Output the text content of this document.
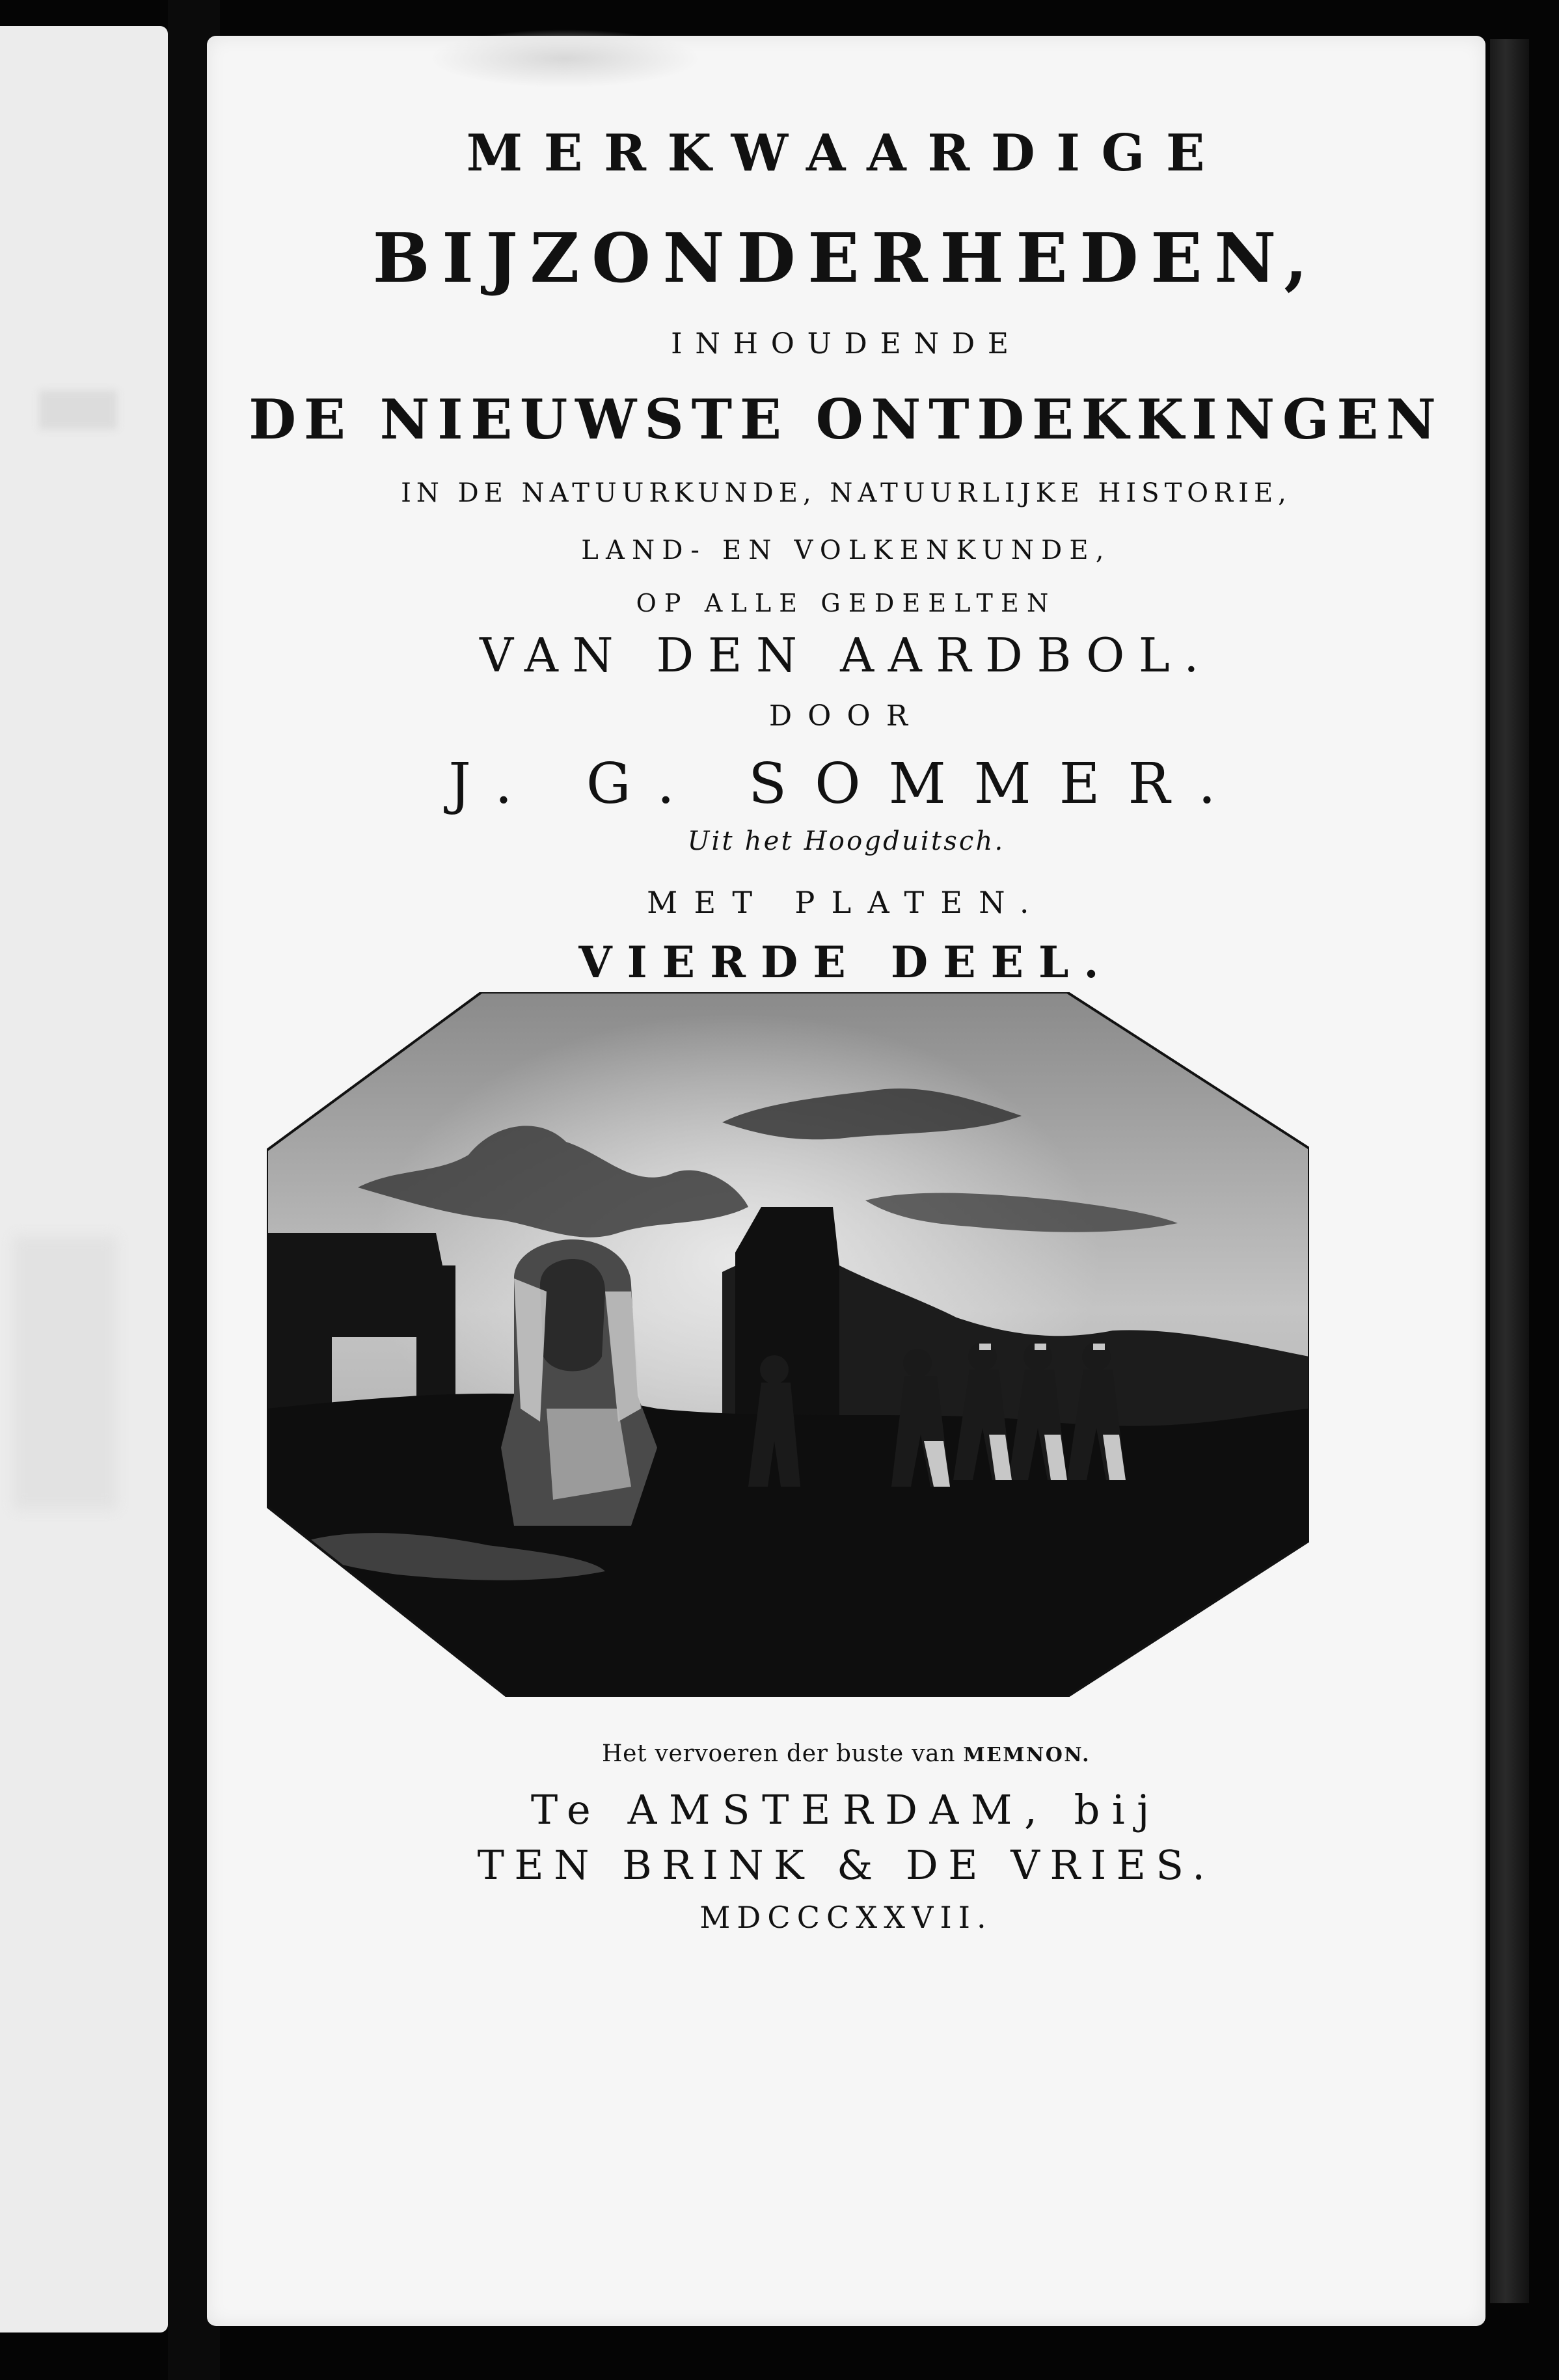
MERKWAARDIGE
BIJZONDERHEDEN,
INHOUDENDE
DE NIEUWSTE ONTDEKKINGEN
IN DE NATUURKUNDE, NATUURLIJKE HISTORIE,
LAND- EN VOLKENKUNDE,
OP ALLE GEDEELTEN
VAN DEN AARDBOL.
DOOR
J. G. SOMMER.
Uit het Hoogduitsch.
MET PLATEN.
VIERDE DEEL.
Het vervoeren der buste van MEMNON.
Te AMSTERDAM, bij
TEN BRINK & DE VRIES.
MDCCCXXVII.
